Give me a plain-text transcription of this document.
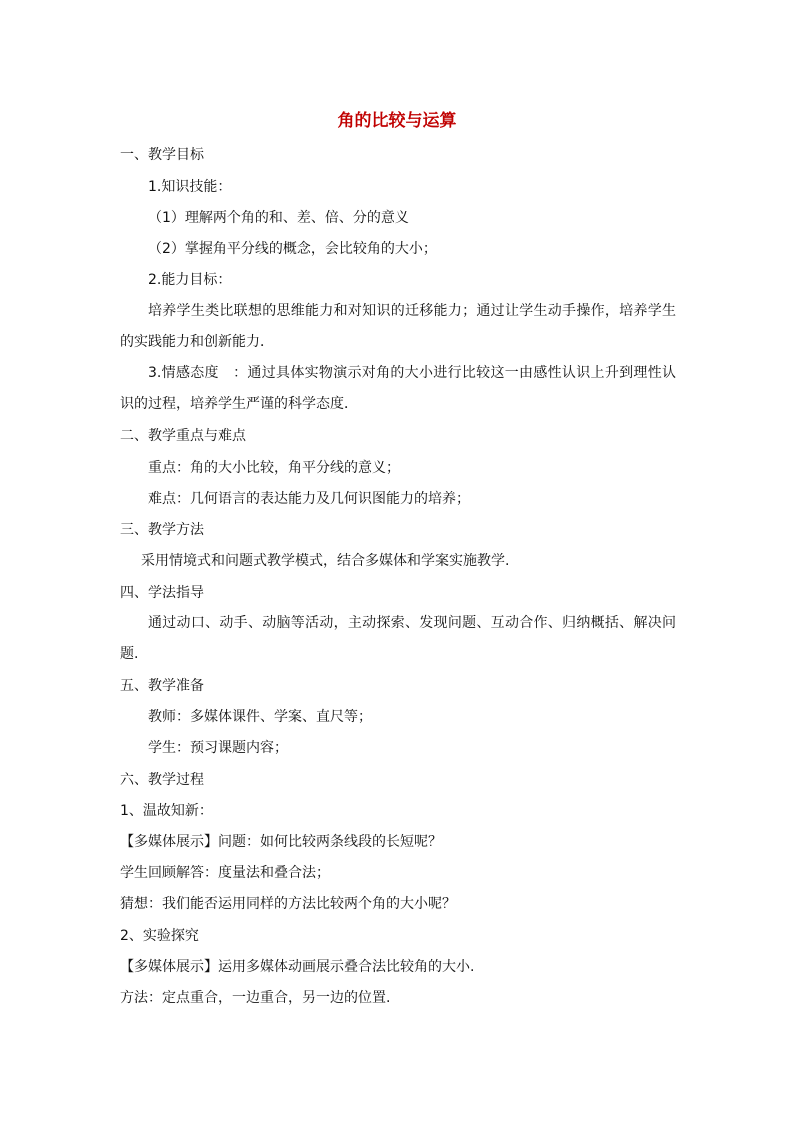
角的比较与运算
一、教学目标
1.知识技能：
（1）理解两个角的和、差、倍、分的意义
（2）掌握角平分线的概念，会比较角的大小；
2.能力目标：
培养学生类比联想的思维能力和对知识的迁移能力；通过让学生动手操作，培养学生的实践能力和创新能力．
3.情感态度　：通过具体实物演示对角的大小进行比较这一由感性认识上升到理性认识的过程，培养学生严谨的科学态度．
二、教学重点与难点
重点：角的大小比较，角平分线的意义；
难点：几何语言的表达能力及几何识图能力的培养；
三、教学方法
采用情境式和问题式教学模式，结合多媒体和学案实施教学.
四、学法指导
通过动口、动手、动脑等活动，主动探索、发现问题、互动合作、归纳概括、解决问题.
五、教学准备
教师：多媒体课件、学案、直尺等；
学生：预习课题内容；
六、教学过程
1、温故知新：
【多媒体展示】问题：如何比较两条线段的长短呢？
学生回顾解答：度量法和叠合法；
猜想：我们能否运用同样的方法比较两个角的大小呢？
2、实验探究
【多媒体展示】运用多媒体动画展示叠合法比较角的大小.
方法：定点重合，一边重合，另一边的位置.
